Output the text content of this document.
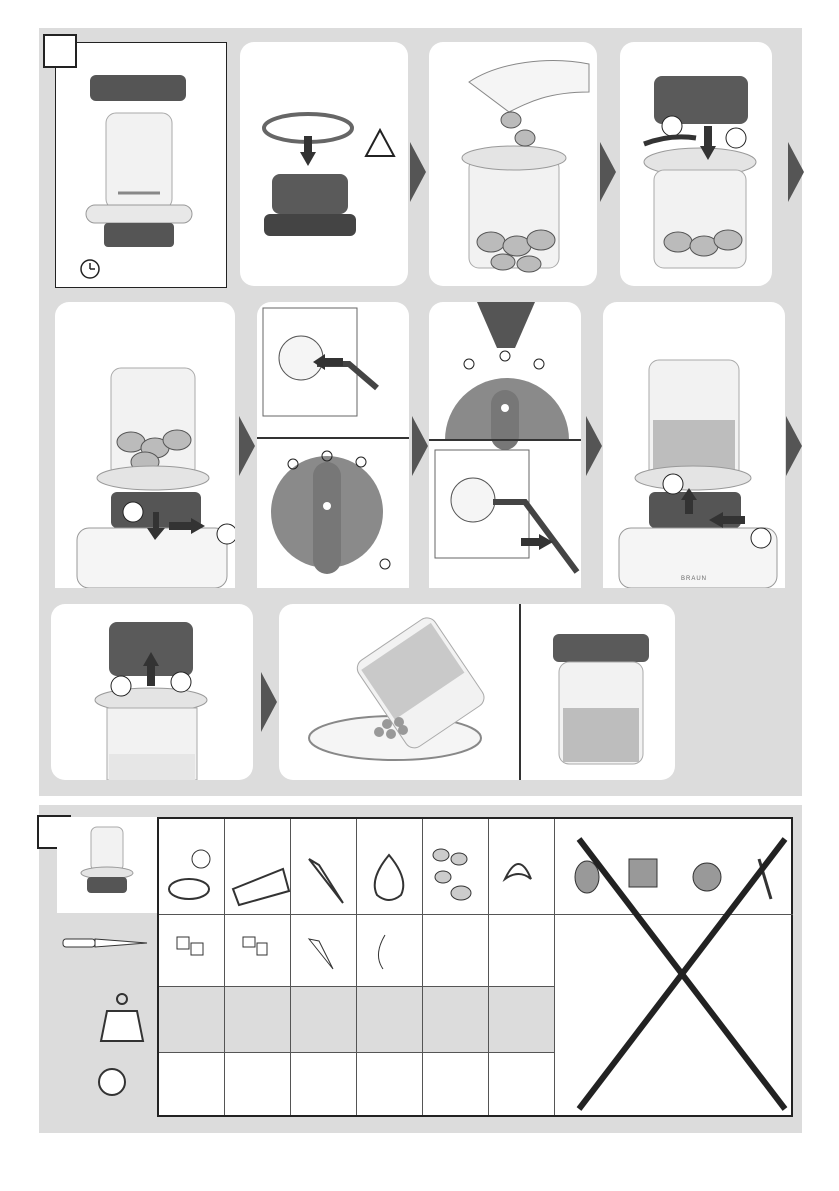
BRAUN
